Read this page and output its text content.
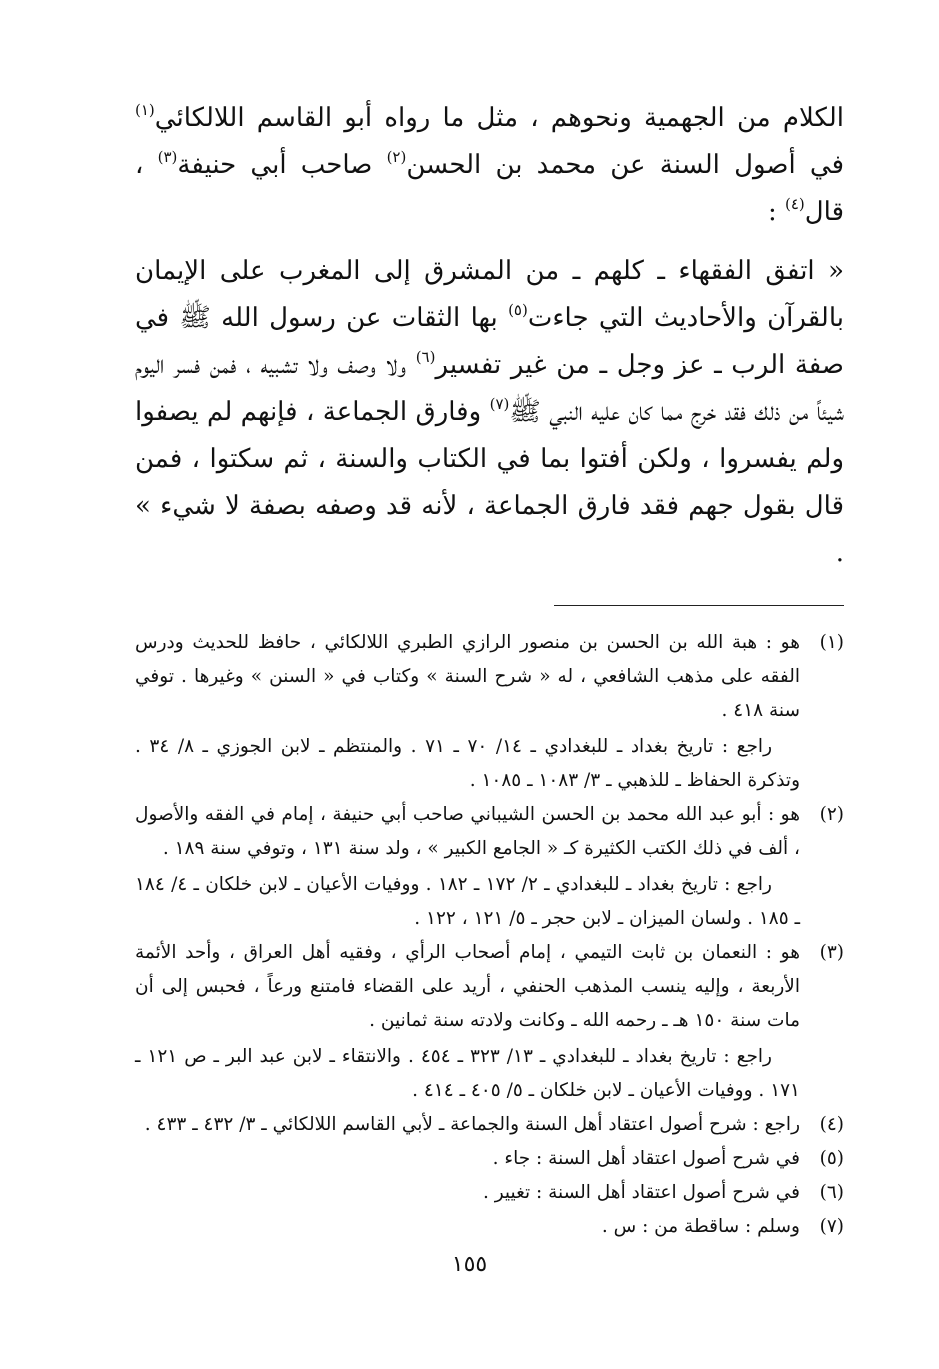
الكلام من الجهمية ونحوهم ، مثل ما رواه أبو القاسم اللالكائي$^{(١)}$ في أصول السنة عن محمد بن الحسن$^{(٢)}$ صاحب أبي حنيفة$^{(٣)}$ ، قال$^{(٤)}$ :

« اتفق الفقهاء ـ كلهم ـ من المشرق إلى المغرب على الإيمان بالقرآن والأحاديث التي جاءت$^{(٥)}$ بها الثقات عن رسول الله ﷺ في صفة الرب ـ عز وجل ـ من غير تفسير$^{(٦)}$ ولا وصف ولا تشبيه ، فمن فسر اليوم شيئاً من ذلك فقد خرج مما كان عليه النبي ﷺ$^{(٧)}$ وفارق الجماعة ، فإنهم لم يصفوا ولم يفسروا ، ولكن أفتوا بما في الكتاب والسنة ، ثم سكتوا ، فمن قال بقول جهم فقد فارق الجماعة ، لأنه قد وصفه بصفة لا شيء » .

(١)

هو : هبة الله بن الحسن بن منصور الرازي الطبري اللالكائي ، حافظ للحديث ودرس الفقه على مذهب الشافعي ، له « شرح السنة » وكتاب في « السنن » وغيرها . توفي سنة ٤١٨ .

راجع : تاريخ بغداد ـ للبغدادي ـ ١٤/ ٧٠ ـ ٧١ . والمنتظم ـ لابن الجوزي ـ ٨/ ٣٤ . وتذكرة الحفاظ ـ للذهبي ـ ٣/ ١٠٨٣ ـ ١٠٨٥ .

(٢)

هو : أبو عبد الله محمد بن الحسن الشيباني صاحب أبي حنيفة ، إمام في الفقه والأصول ، ألف في ذلك الكتب الكثيرة كـ « الجامع الكبير » ، ولد سنة ١٣١ ، وتوفي سنة ١٨٩ .

راجع : تاريخ بغداد ـ للبغدادي ـ ٢/ ١٧٢ ـ ١٨٢ . ووفيات الأعيان ـ لابن خلكان ـ ٤/ ١٨٤ ـ ١٨٥ . ولسان الميزان ـ لابن حجر ـ ٥/ ١٢١ ، ١٢٢ .

(٣)

هو : النعمان بن ثابت التيمي ، إمام أصحاب الرأي ، وفقيه أهل العراق ، وأحد الأئمة الأربعة ، وإليه ينسب المذهب الحنفي ، أريد على القضاء فامتنع ورعاً ، فحبس إلى أن مات سنة ١٥٠ هـ ـ رحمه الله ـ وكانت ولادته سنة ثمانين .

راجع : تاريخ بغداد ـ للبغدادي ـ ١٣/ ٣٢٣ ـ ٤٥٤ . والانتقاء ـ لابن عبد البر ـ ص ١٢١ ـ ١٧١ . ووفيات الأعيان ـ لابن خلكان ـ ٥/ ٤٠٥ ـ ٤١٤ .

(٤)

راجع : شرح أصول اعتقاد أهل السنة والجماعة ـ لأبي القاسم اللالكائي ـ ٣/ ٤٣٢ ـ ٤٣٣ .

(٥)

في شرح أصول اعتقاد أهل السنة : جاء .

(٦)

في شرح أصول اعتقاد أهل السنة : تغيير .

(٧)

وسلم : ساقطة من : س .

١٥٥
